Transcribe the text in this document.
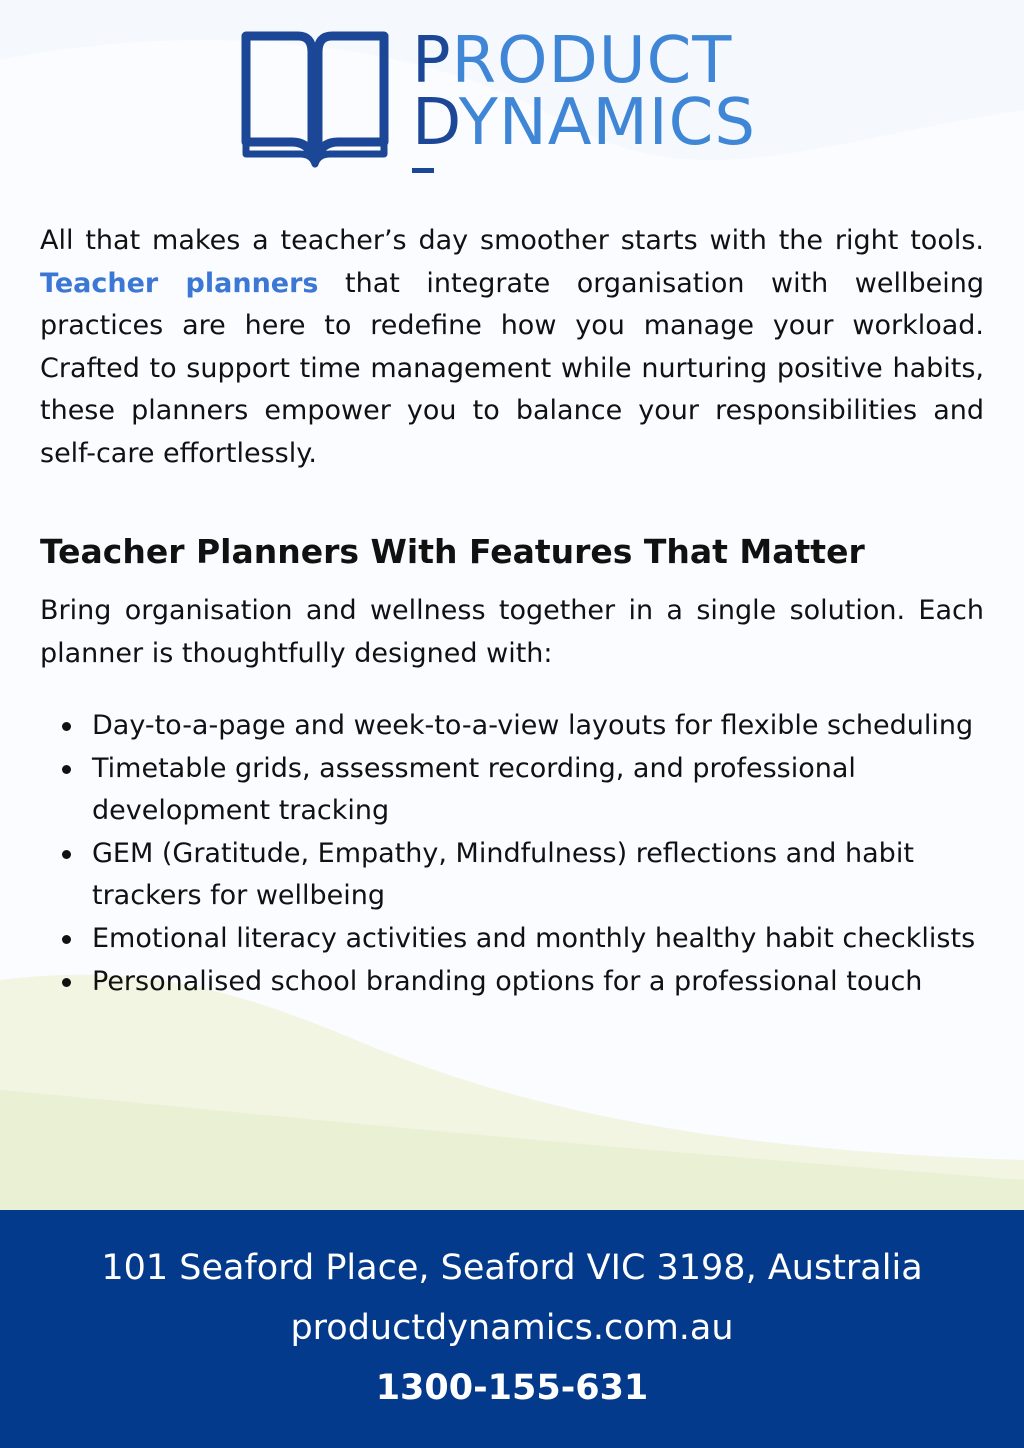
PRODUCT
DYNAMICS

All that makes a teacher’s day smoother starts with the right tools. Teacher planners that integrate organisation with wellbeing practices are here to redefine how you manage your workload. Crafted to support time management while nurturing positive habits, these planners empower you to balance your responsibilities and self-care effortlessly.

Teacher Planners With Features That Matter

Bring organisation and wellness together in a single solution. Each planner is thoughtfully designed with:

Day-to-a-page and week-to-a-view layouts for flexible scheduling
Timetable grids, assessment recording, and professional development tracking
GEM (Gratitude, Empathy, Mindfulness) reflections and habit trackers for wellbeing
Emotional literacy activities and monthly healthy habit checklists
Personalised school branding options for a professional touch
101 Seaford Place, Seaford VIC 3198, Australia
productdynamics.com.au
1300-155-631
